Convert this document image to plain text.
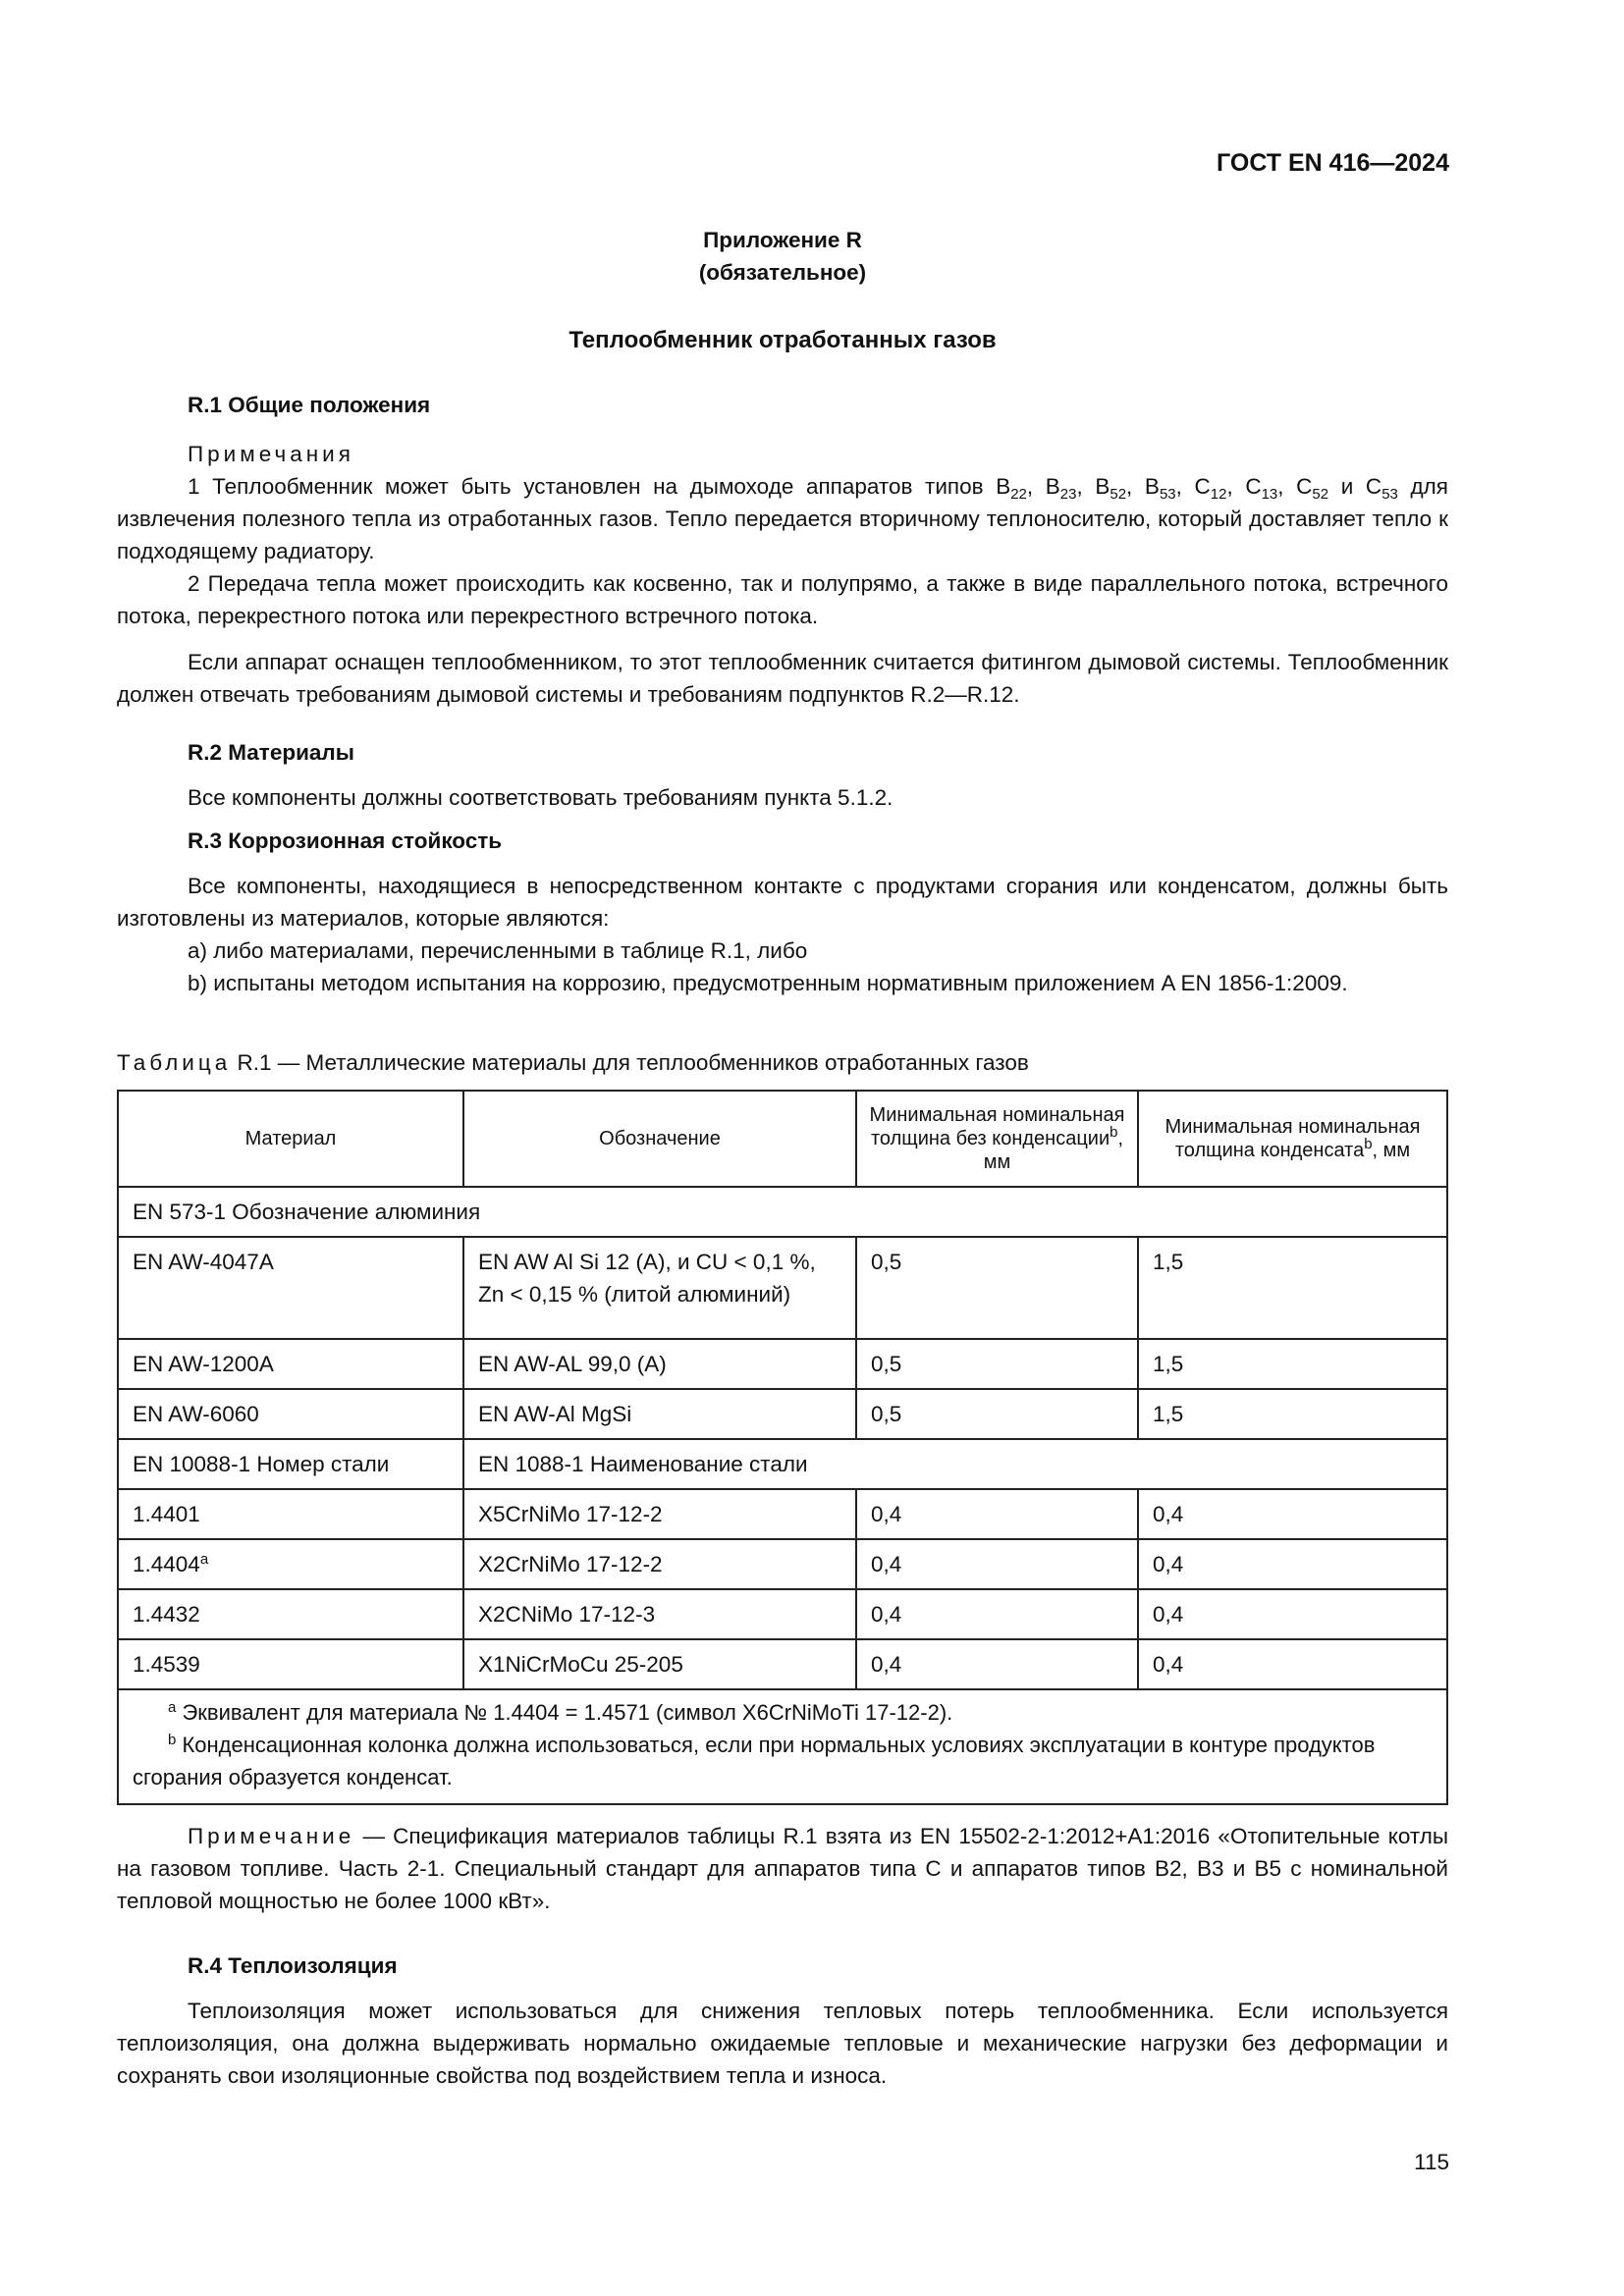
ГОСТ EN 416—2024
Приложение R
(обязательное)
Теплообменник отработанных газов

R.1 Общие положения

Примечания

1 Теплообменник может быть установлен на дымоходе аппаратов типов $B_{22}$, $B_{23}$, $B_{52}$, $B_{53}$, $C_{12}$, $C_{13}$, $C_{52}$ и $C_{53}$ для извлечения полезного тепла из отработанных газов. Тепло передается вторичному теплоносителю, который доставляет тепло к подходящему радиатору.

2 Передача тепла может происходить как косвенно, так и полупрямо, а также в виде параллельного потока, встречного потока, перекрестного потока или перекрестного встречного потока.

Если аппарат оснащен теплообменником, то этот теплообменник считается фитингом дымовой системы. Теплообменник должен отвечать требованиям дымовой системы и требованиям подпунктов R.2—R.12.

R.2 Материалы

Все компоненты должны соответствовать требованиям пункта 5.1.2.

R.3 Коррозионная стойкость

Все компоненты, находящиеся в непосредственном контакте с продуктами сгорания или конденсатом, должны быть изготовлены из материалов, которые являются:

a) либо материалами, перечисленными в таблице R.1, либо

b) испытаны методом испытания на коррозию, предусмотренным нормативным приложением A EN 1856-1:2009.

Таблица R.1 — Металлические материалы для теплообменников отработанных газов

Материал	Обозначение	Минимальная номинальная толщина без конденсации$^b$, мм	Минимальная номинальная толщина конденсата$^b$, мм
EN 573-1 Обозначение алюминия			
EN AW-4047A	EN AW Al Si 12 (A), и CU < 0,1 %, Zn < 0,15 % (литой алюминий)	0,5	1,5
EN AW-1200A	EN AW-AL 99,0 (A)	0,5	1,5
EN AW-6060	EN AW-Al MgSi	0,5	1,5
EN 10088-1 Номер стали	EN 1088-1 Наименование стали		
1.4401	X5CrNiMo 17-12-2	0,4	0,4
1.4404$^a$	X2CrNiMo 17-12-2	0,4	0,4
1.4432	X2CNiMo 17-12-3	0,4	0,4
1.4539	X1NiCrMoCu 25-205	0,4	0,4

$^a$ Эквивалент для материала № 1.4404 = 1.4571 (символ X6CrNiMoTi 17-12-2).
$^b$ Конденсационная колонка должна использоваться, если при нормальных условиях эксплуатации в контуре продуктов сгорания образуется конденсат.			

Примечание — Спецификация материалов таблицы R.1 взята из EN 15502-2-1:2012+A1:2016 «Отопительные котлы на газовом топливе. Часть 2-1. Специальный стандарт для аппаратов типа C и аппаратов типов B2, B3 и B5 с номинальной тепловой мощностью не более 1000 кВт».

R.4 Теплоизоляция

Теплоизоляция может использоваться для снижения тепловых потерь теплообменника. Если используется теплоизоляция, она должна выдерживать нормально ожидаемые тепловые и механические нагрузки без деформации и сохранять свои изоляционные свойства под воздействием тепла и износа.

115
